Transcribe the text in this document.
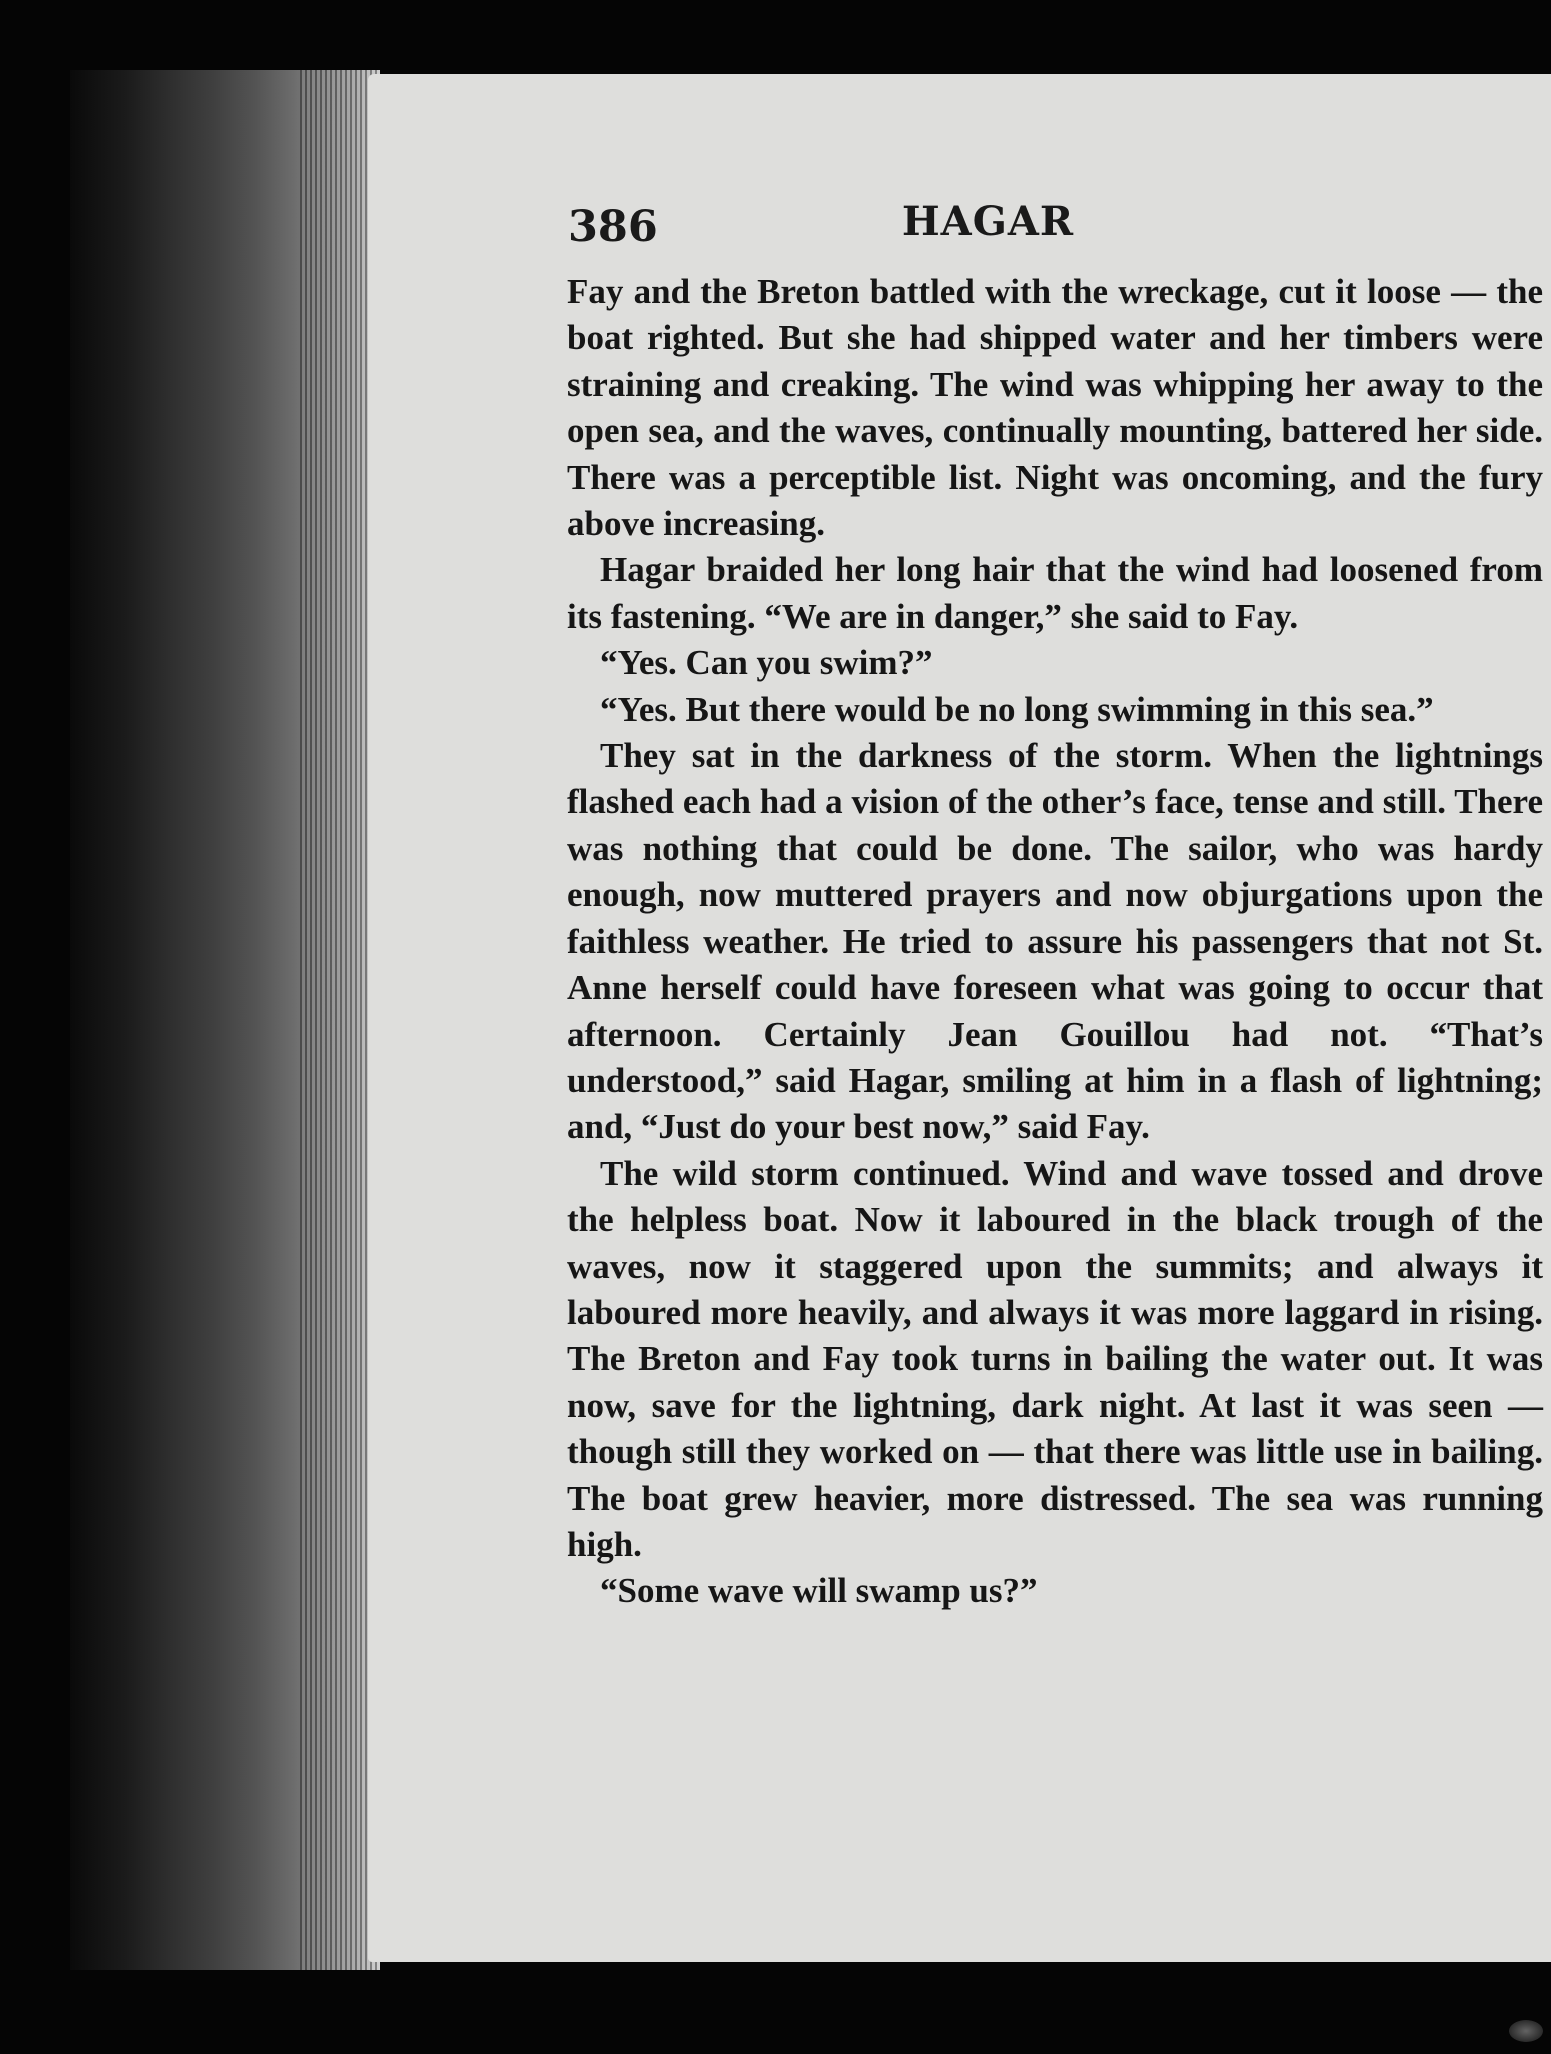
386	HAGAR

Fay and the Breton battled with the wreckage, cut it loose — the boat righted. But she had shipped water and her timbers were straining and creaking. The wind was whipping her away to the open sea, and the waves, continually mounting, battered her side. There was a perceptible list. Night was oncoming, and the fury above increasing.

Hagar braided her long hair that the wind had loosened from its fastening. “We are in danger,” she said to Fay.

“Yes. Can you swim?”

“Yes. But there would be no long swimming in this sea.”

They sat in the darkness of the storm. When the lightnings flashed each had a vision of the other’s face, tense and still. There was nothing that could be done. The sailor, who was hardy enough, now muttered prayers and now objurgations upon the faithless weather. He tried to assure his passengers that not St. Anne herself could have foreseen what was going to occur that afternoon. Certainly Jean Gouillou had not. “That’s understood,” said Hagar, smiling at him in a flash of lightning; and, “Just do your best now,” said Fay.

The wild storm continued. Wind and wave tossed and drove the helpless boat. Now it laboured in the black trough of the waves, now it staggered upon the summits; and always it laboured more heavily, and always it was more laggard in rising. The Breton and Fay took turns in bailing the water out. It was now, save for the lightning, dark night. At last it was seen — though still they worked on — that there was little use in bailing. The boat grew heavier, more distressed. The sea was running high.

“Some wave will swamp us?”
